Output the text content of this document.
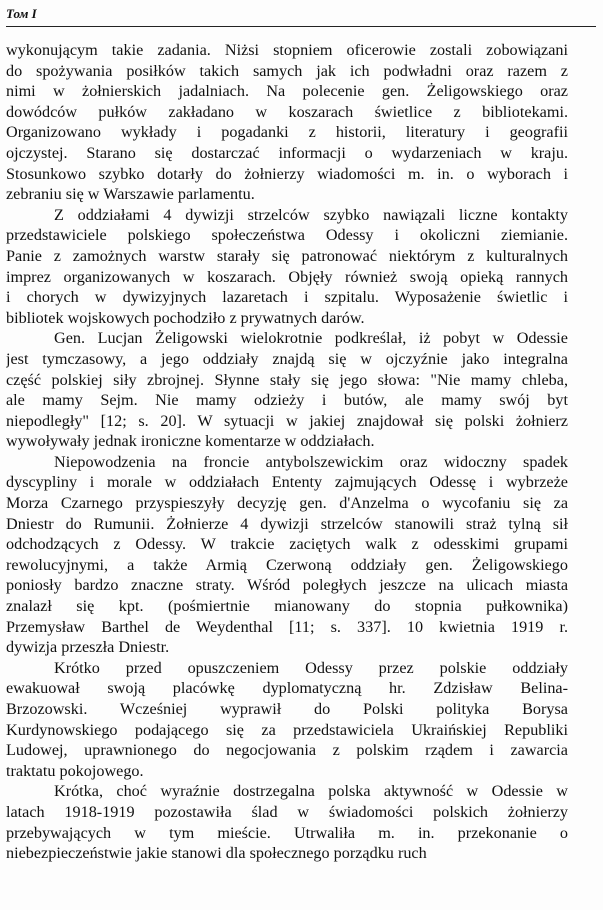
Том І

wykonującym takie zadania. Niżsi stopniem oficerowie zostali zobowiązani
do spożywania posiłków takich samych jak ich podwładni oraz razem z
nimi w żołnierskich jadalniach. Na polecenie gen. Żeligowskiego oraz
dowódców pułków zakładano w koszarach świetlice z bibliotekami.
Organizowano wykłady i pogadanki z historii, literatury i geografii
ojczystej. Starano się dostarczać informacji o wydarzeniach w kraju.
Stosunkowo szybko dotarły do żołnierzy wiadomości m. in. o wyborach i
zebraniu się w Warszawie parlamentu.

Z oddziałami 4 dywizji strzelców szybko nawiązali liczne kontakty
przedstawiciele polskiego społeczeństwa Odessy i okoliczni ziemianie.
Panie z zamożnych warstw starały się patronować niektórym z kulturalnych
imprez organizowanych w koszarach. Objęły również swoją opieką rannych
i chorych w dywizyjnych lazaretach i szpitalu. Wyposażenie świetlic i
bibliotek wojskowych pochodziło z prywatnych darów.

Gen. Lucjan Żeligowski wielokrotnie podkreślał, iż pobyt w Odessie
jest tymczasowy, a jego oddziały znajdą się w ojczyźnie jako integralna
część polskiej siły zbrojnej. Słynne stały się jego słowa: "Nie mamy chleba,
ale mamy Sejm. Nie mamy odzieży i butów, ale mamy swój byt
niepodległy" [12; s. 20]. W sytuacji w jakiej znajdował się polski żołnierz
wywoływały jednak ironiczne komentarze w oddziałach.

Niepowodzenia na froncie antybolszewickim oraz widoczny spadek
dyscypliny i morale w oddziałach Ententy zajmujących Odessę i wybrzeże
Morza Czarnego przyspieszyły decyzję gen. d'Anzelma o wycofaniu się za
Dniestr do Rumunii. Żołnierze 4 dywizji strzelców stanowili straż tylną sił
odchodzących z Odessy. W trakcie zaciętych walk z odesskimi grupami
rewolucyjnymi, a także Armią Czerwoną oddziały gen. Żeligowskiego
poniosły bardzo znaczne straty. Wśród poległych jeszcze na ulicach miasta
znalazł się kpt. (pośmiertnie mianowany do stopnia pułkownika)
Przemysław Barthel de Weydenthal [11; s. 337]. 10 kwietnia 1919 r.
dywizja przeszła Dniestr.

Krótko przed opuszczeniem Odessy przez polskie oddziały
ewakuował swoją placówkę dyplomatyczną hr. Zdzisław Belina-
Brzozowski. Wcześniej wyprawił do Polski polityka Borysa
Kurdynowskiego podającego się za przedstawiciela Ukraińskiej Republiki
Ludowej, uprawnionego do negocjowania z polskim rządem i zawarcia
traktatu pokojowego.

Krótka, choć wyraźnie dostrzegalna polska aktywność w Odessie w
latach 1918-1919 pozostawiła ślad w świadomości polskich żołnierzy
przebywających w tym mieście. Utrwaliła m. in. przekonanie o
niebezpieczeństwie jakie stanowi dla społecznego porządku ruch
